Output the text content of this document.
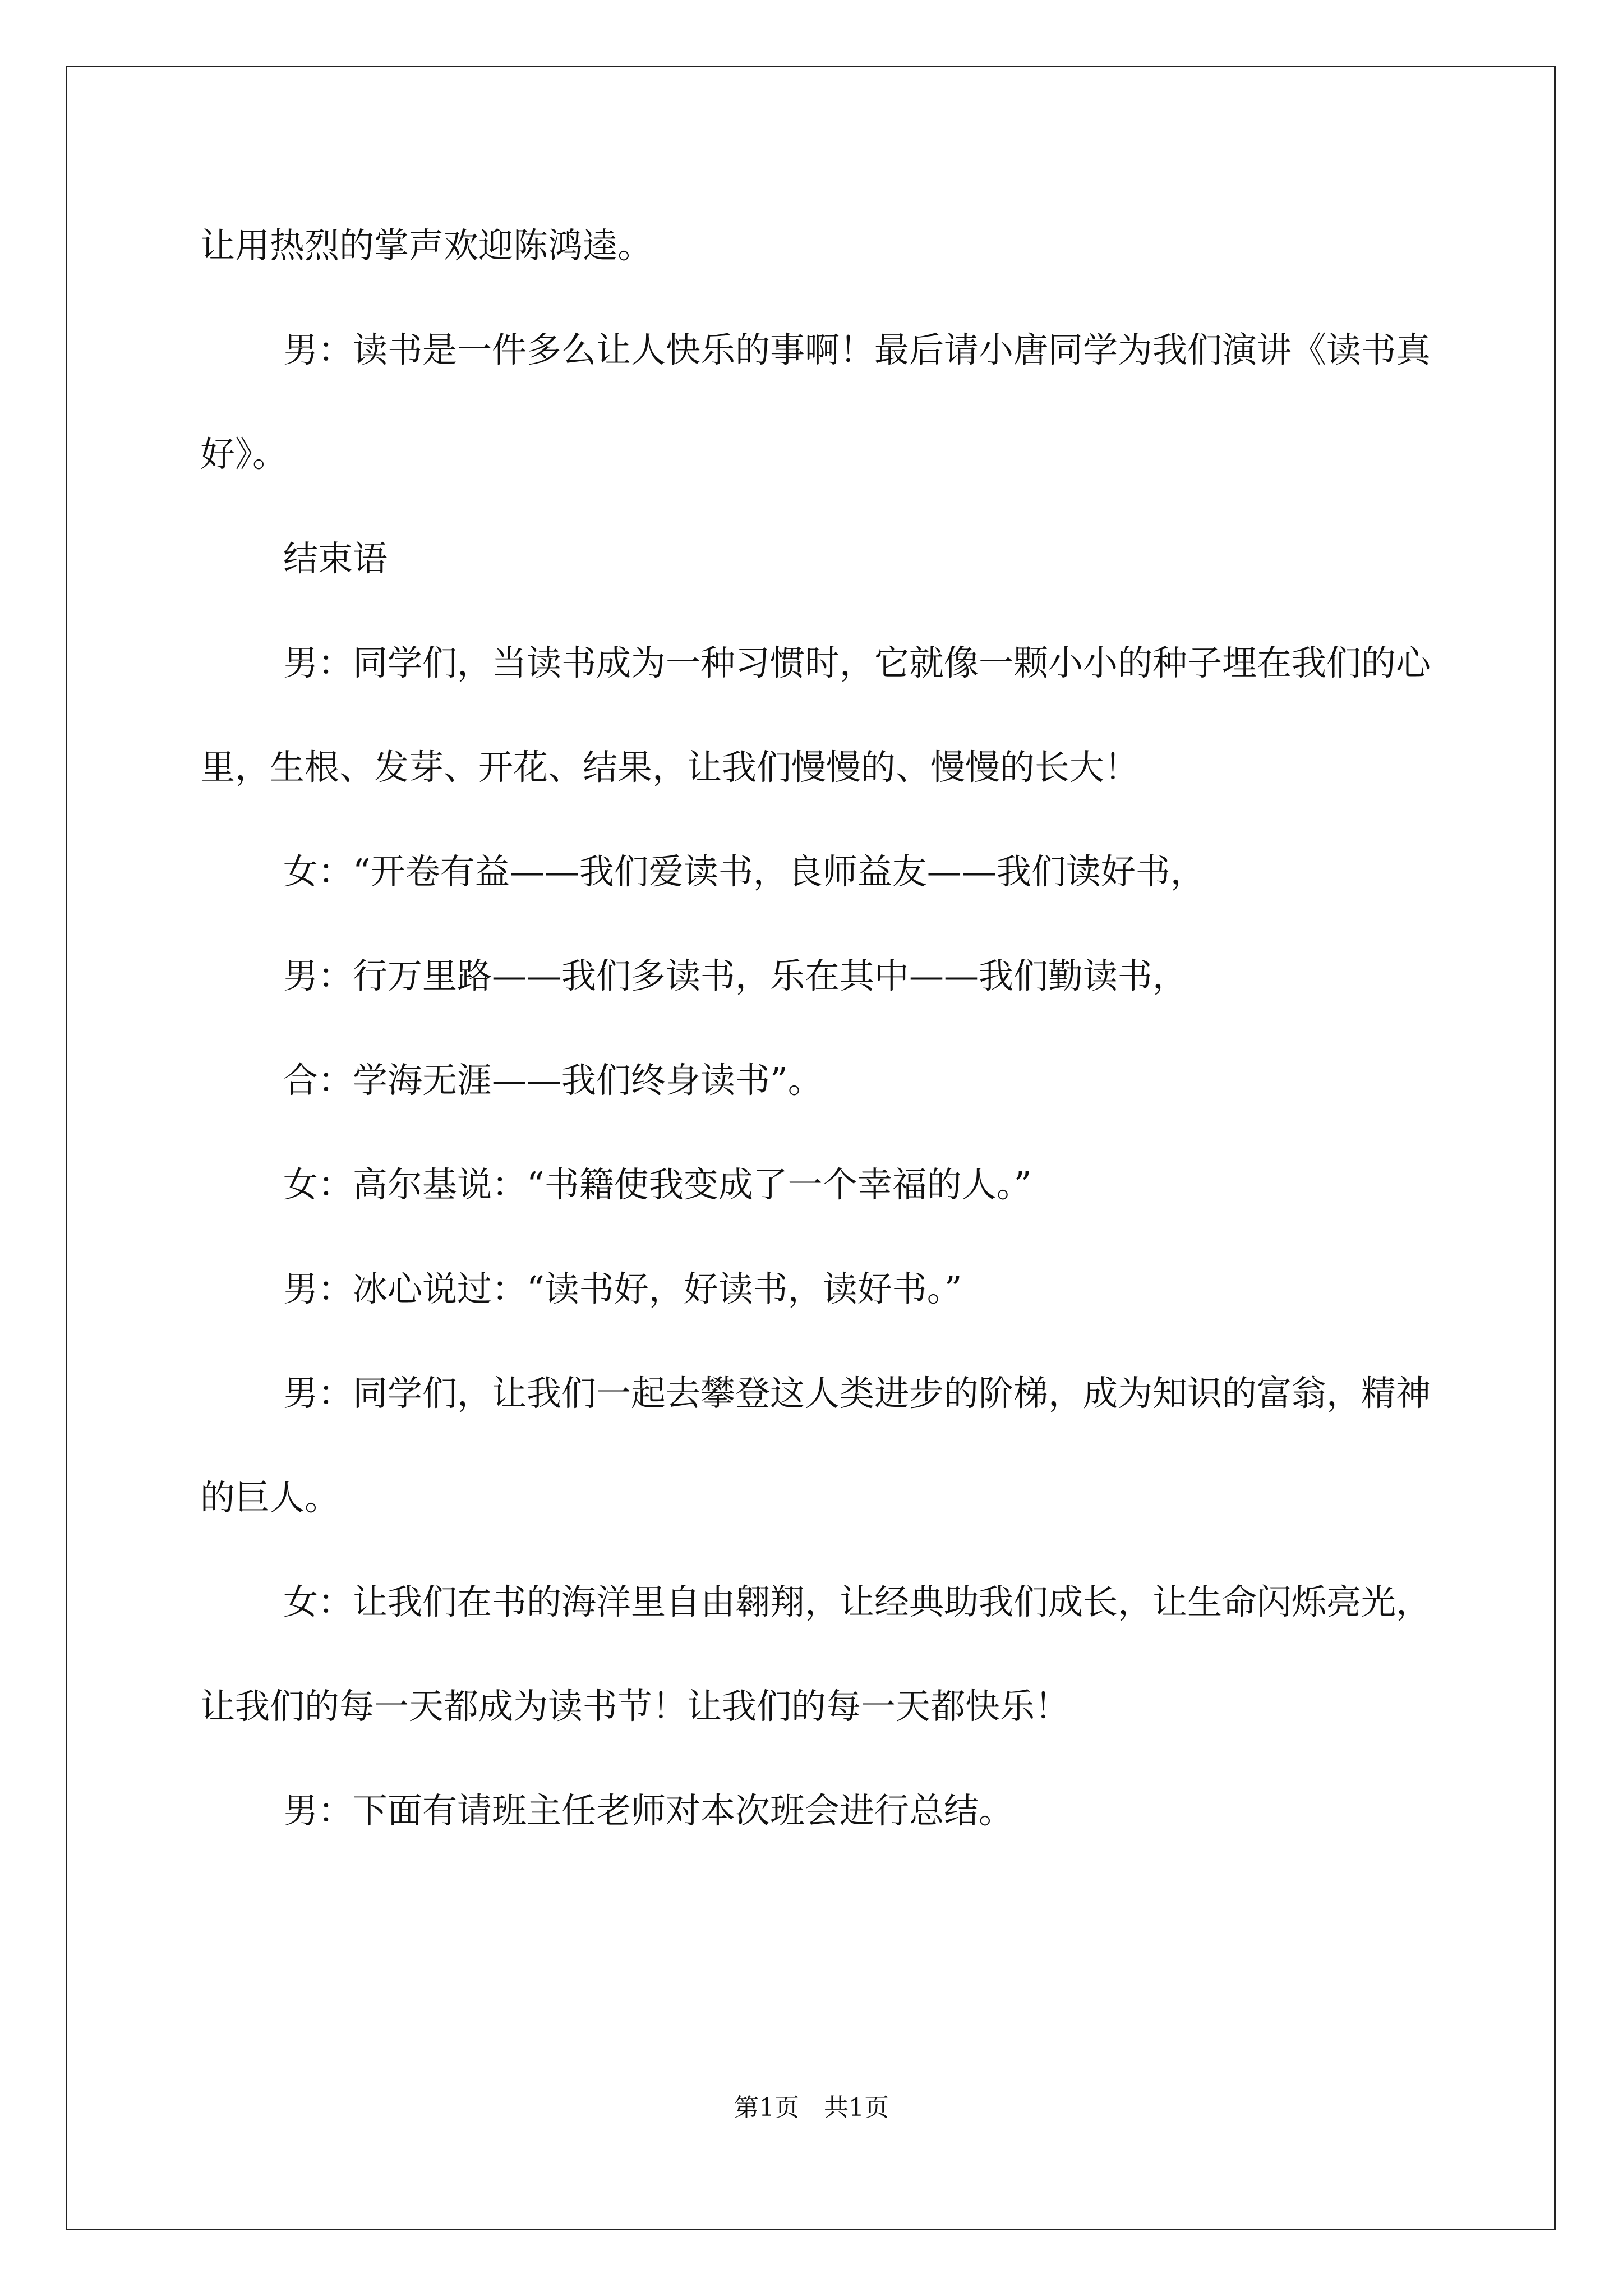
让用热烈的掌声欢迎陈鸿逵。

男：读书是一件多么让人快乐的事啊！最后请小唐同学为我们演讲《读书真好》。

结束语

男：同学们，当读书成为一种习惯时，它就像一颗小小的种子埋在我们的心里，生根、发芽、开花、结果，让我们慢慢的、慢慢的长大！

女：“开卷有益——我们爱读书，良师益友——我们读好书，

男：行万里路——我们多读书，乐在其中——我们勤读书，

合：学海无涯——我们终身读书”。

女：高尔基说：“书籍使我变成了一个幸福的人。”

男：冰心说过：“读书好，好读书，读好书。”

男：同学们，让我们一起去攀登这人类进步的阶梯，成为知识的富翁，精神的巨人。

女：让我们在书的海洋里自由翱翔，让经典助我们成长，让生命闪烁亮光，让我们的每一天都成为读书节！让我们的每一天都快乐！

男：下面有请班主任老师对本次班会进行总结。

第1页　共1页
